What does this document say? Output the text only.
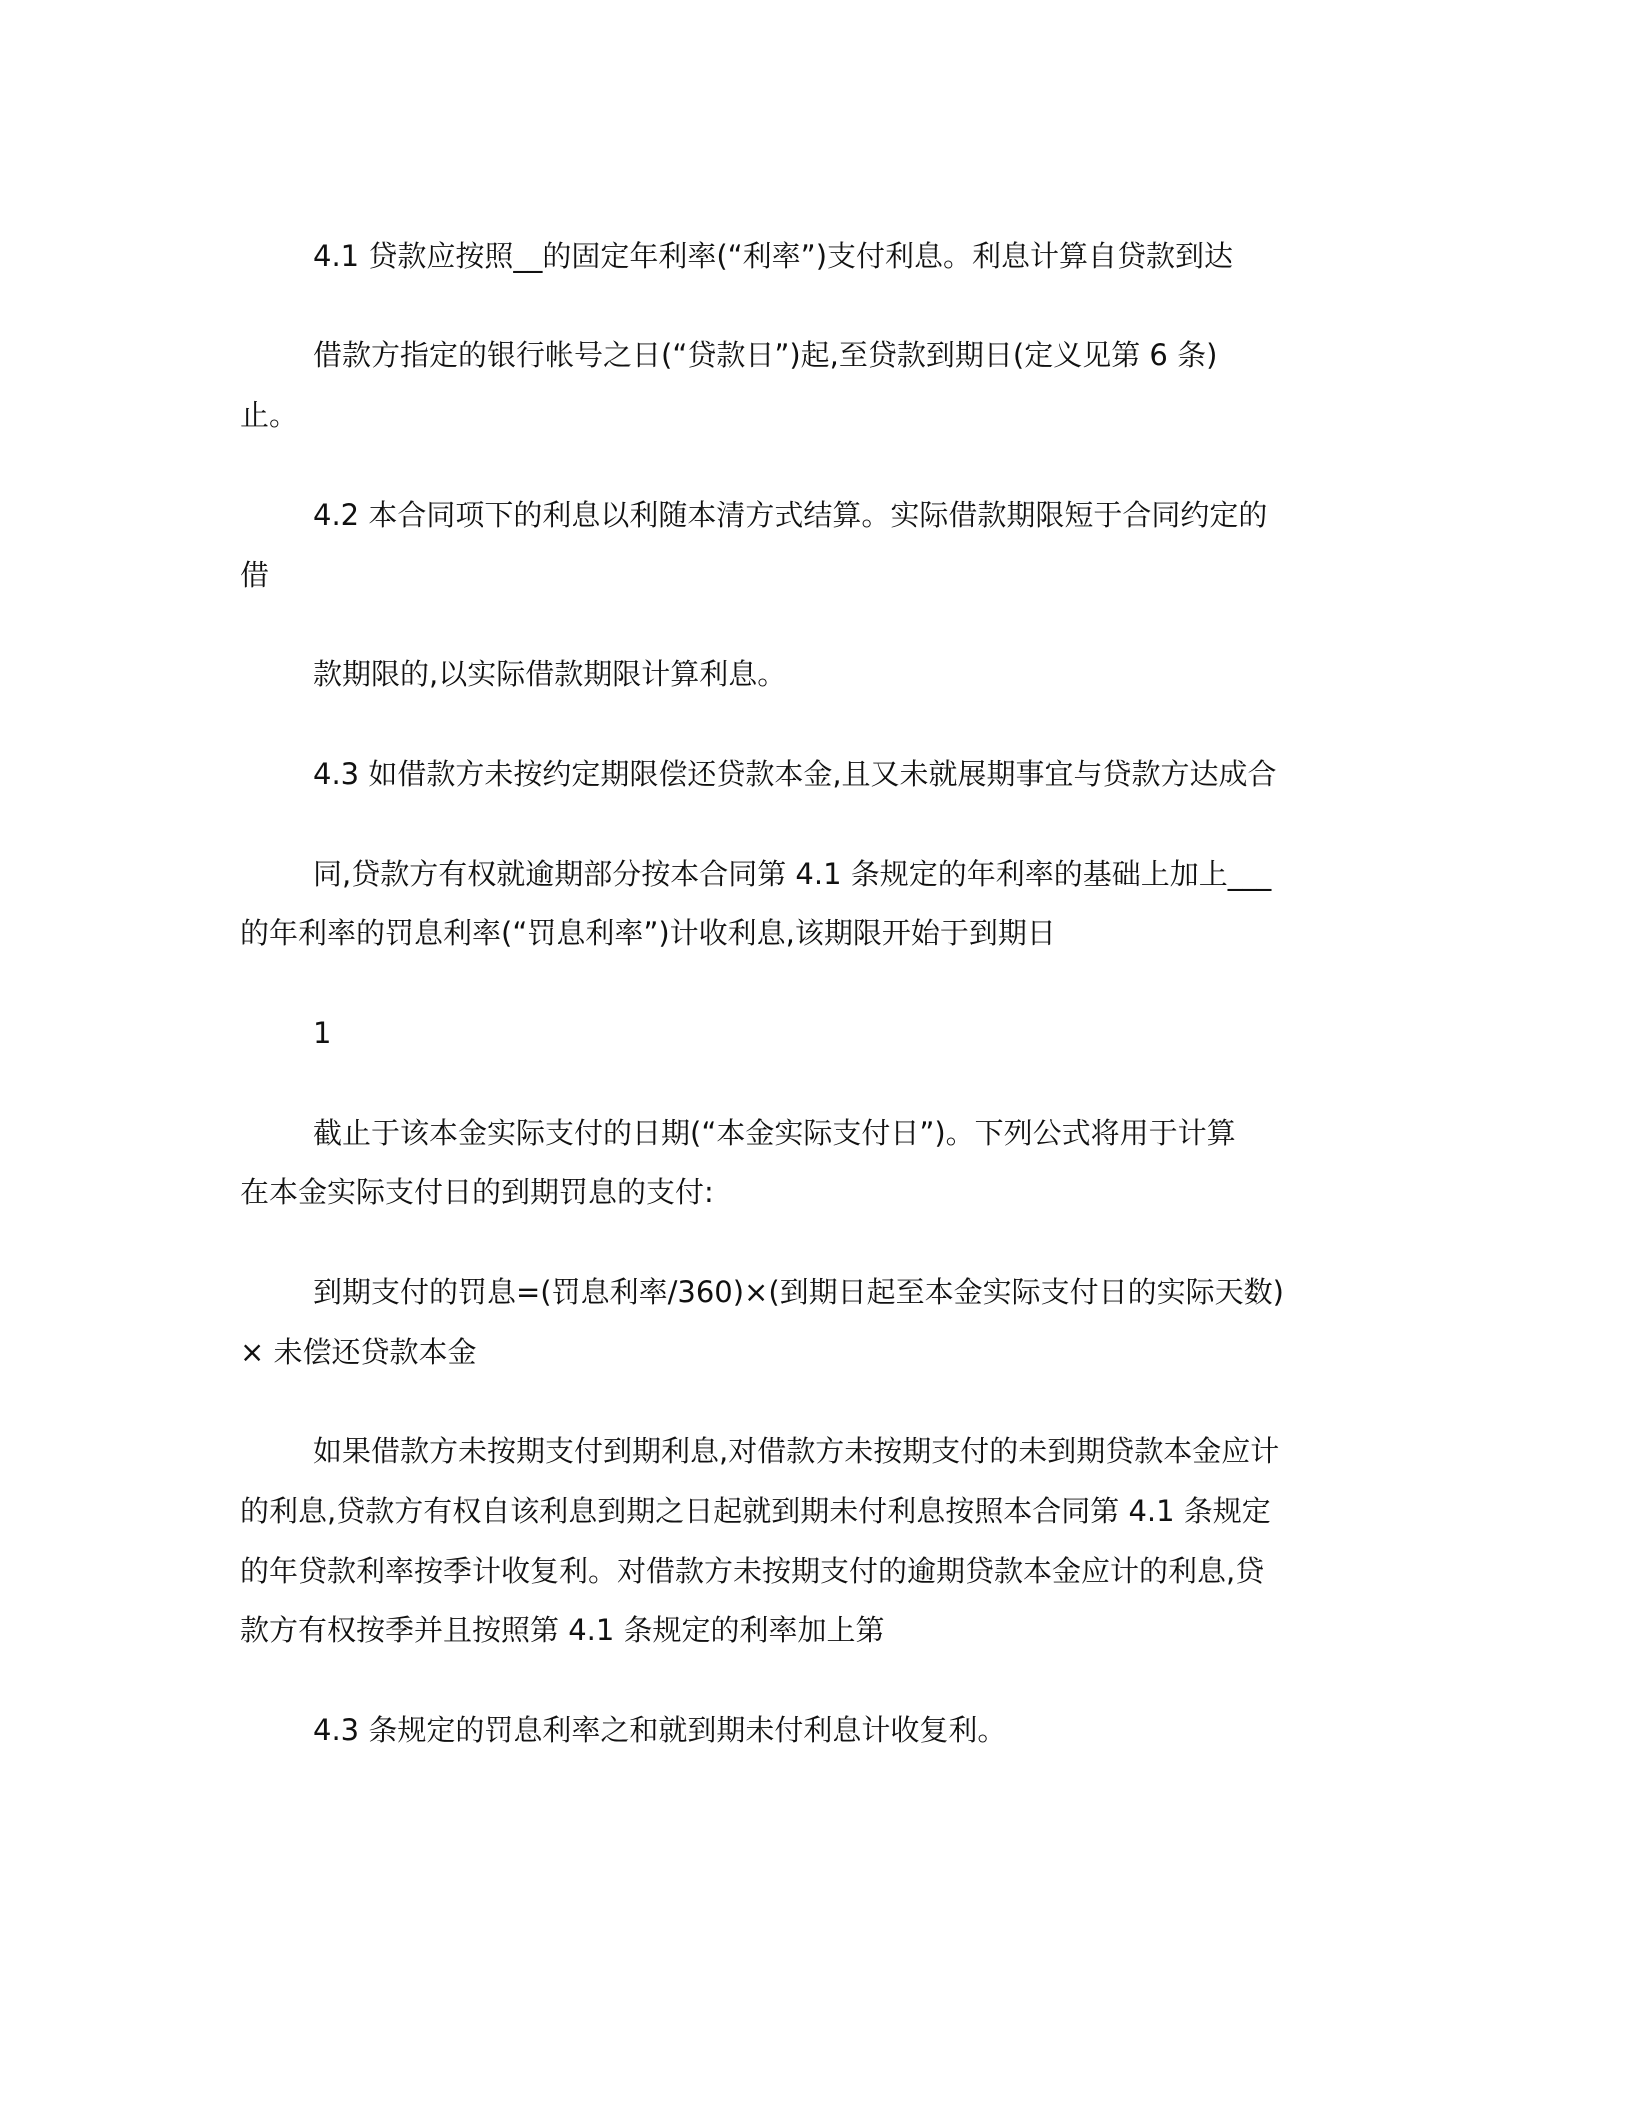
4.1 贷款应按照__的固定年利率(“利率”)支付利息。利息计算自贷款到达

借款方指定的银行帐号之日(“贷款日”)起,至贷款到期日(定义见第 6 条)

止。

4.2 本合同项下的利息以利随本清方式结算。实际借款期限短于合同约定的

借

款期限的,以实际借款期限计算利息。

4.3 如借款方未按约定期限偿还贷款本金,且又未就展期事宜与贷款方达成合

同,贷款方有权就逾期部分按本合同第 4.1 条规定的年利率的基础上加上___

的年利率的罚息利率(“罚息利率”)计收利息,该期限开始于到期日

1

截止于该本金实际支付的日期(“本金实际支付日”)。下列公式将用于计算

在本金实际支付日的到期罚息的支付:

到期支付的罚息=(罚息利率/360)×(到期日起至本金实际支付日的实际天数)

× 未偿还贷款本金

如果借款方未按期支付到期利息,对借款方未按期支付的未到期贷款本金应计

的利息,贷款方有权自该利息到期之日起就到期未付利息按照本合同第 4.1 条规定

的年贷款利率按季计收复利。对借款方未按期支付的逾期贷款本金应计的利息,贷

款方有权按季并且按照第 4.1 条规定的利率加上第

4.3 条规定的罚息利率之和就到期未付利息计收复利。
